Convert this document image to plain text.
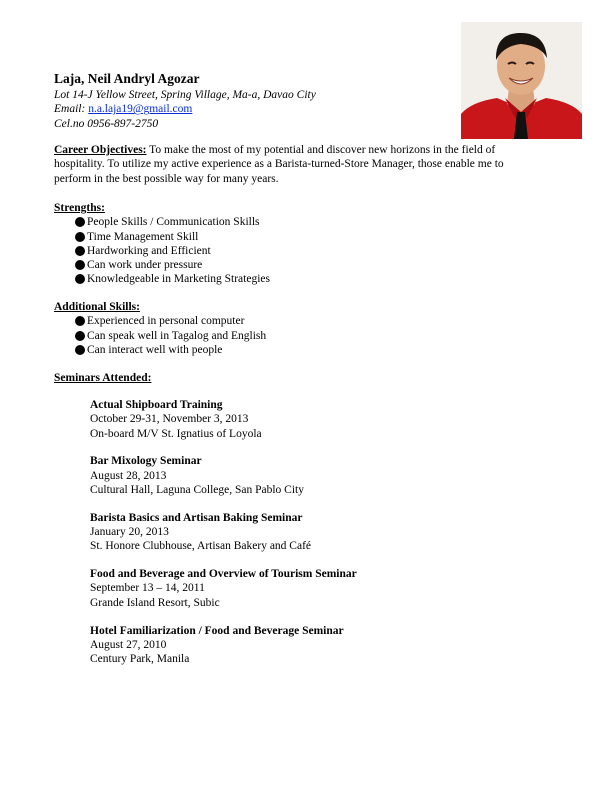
Laja, Neil Andryl Agozar
Lot 14-J Yellow Street, Spring Village, Ma-a, Davao City
Email: n.a.laja19@gmail.com
Cel.no 0956-897-2750
Career Objectives: To make the most of my potential and discover new horizons in the field of hospitality. To utilize my active experience as a Barista-turned-Store Manager, those enable me to perform in the best possible way for many years.
Strengths:
People Skills / Communication Skills
Time Management Skill
Hardworking and Efficient
Can work under pressure
Knowledgeable in Marketing Strategies
Additional Skills:
Experienced in personal computer
Can speak well in Tagalog and English
Can interact well with people
Seminars Attended:
Actual Shipboard Training
October 29-31, November 3, 2013
On-board M/V St. Ignatius of Loyola
Bar Mixology Seminar
August 28, 2013
Cultural Hall, Laguna College, San Pablo City
Barista Basics and Artisan Baking Seminar
January 20, 2013
St. Honore Clubhouse, Artisan Bakery and Café
Food and Beverage and Overview of Tourism Seminar
September 13 – 14, 2011
Grande Island Resort, Subic
Hotel Familiarization / Food and Beverage Seminar
August 27, 2010
Century Park, Manila
